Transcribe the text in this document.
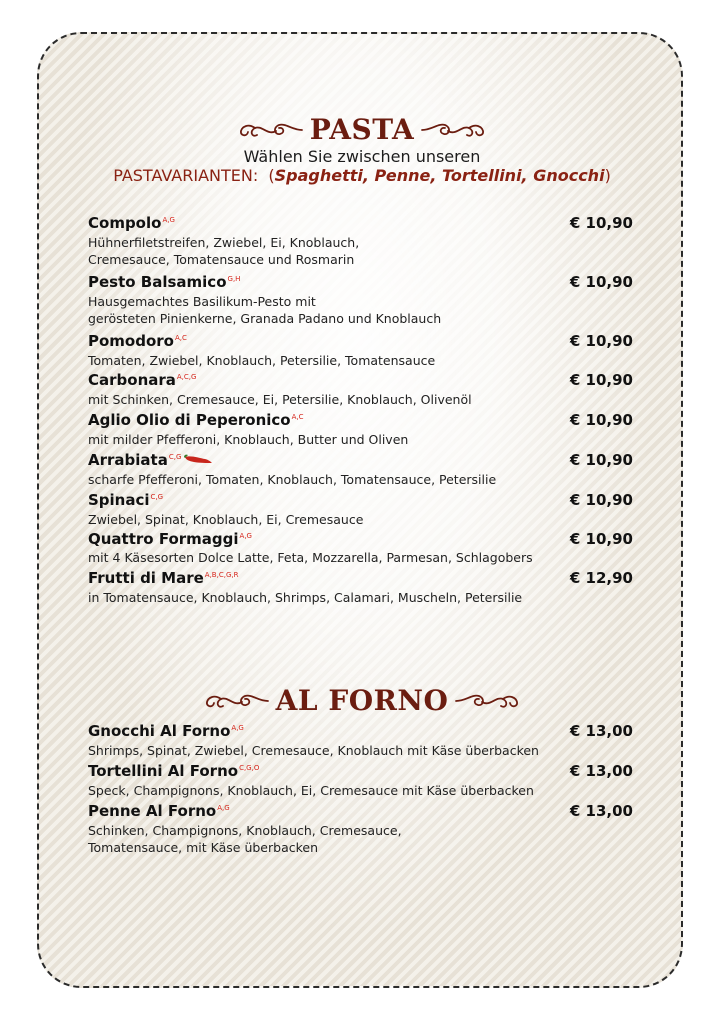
PASTA
Wählen Sie zwischen unseren
PASTAVARIANTEN: (Spaghetti, Penne, Tortellini, Gnocchi)
Compolo$^{A,G}$	€ 10,90
Hühnerfiletstreifen, Zwiebel, Ei, Knoblauch,
Cremesauce, Tomatensauce und Rosmarin
Pesto Balsamico$^{G,H}$	€ 10,90
Hausgemachtes Basilikum-Pesto mit
gerösteten Pinienkerne, Granada Padano und Knoblauch
Pomodoro$^{A,C}$	€ 10,90
Tomaten, Zwiebel, Knoblauch, Petersilie, Tomatensauce
Carbonara$^{A,C,G}$	€ 10,90
mit Schinken, Cremesauce, Ei, Petersilie, Knoblauch, Olivenöl
Aglio Olio di Peperonico$^{A,C}$	€ 10,90
mit milder Pfefferoni, Knoblauch, Butter und Oliven
Arrabiata$^{C,G}$	€ 10,90
scharfe Pfefferoni, Tomaten, Knoblauch, Tomatensauce, Petersilie
Spinaci$^{C,G}$	€ 10,90
Zwiebel, Spinat, Knoblauch, Ei, Cremesauce
Quattro Formaggi$^{A,G}$	€ 10,90
mit 4 Käsesorten Dolce Latte, Feta, Mozzarella, Parmesan, Schlagobers
Frutti di Mare$^{A,B,C,G,R}$	€ 12,90
in Tomatensauce, Knoblauch, Shrimps, Calamari, Muscheln, Petersilie
AL FORNO
Gnocchi Al Forno$^{A,G}$	€ 13,00
Shrimps, Spinat, Zwiebel, Cremesauce, Knoblauch mit Käse überbacken
Tortellini Al Forno$^{C,G,O}$	€ 13,00
Speck, Champignons, Knoblauch, Ei, Cremesauce mit Käse überbacken
Penne Al Forno$^{A,G}$	€ 13,00
Schinken, Champignons, Knoblauch, Cremesauce,
Tomatensauce, mit Käse überbacken
